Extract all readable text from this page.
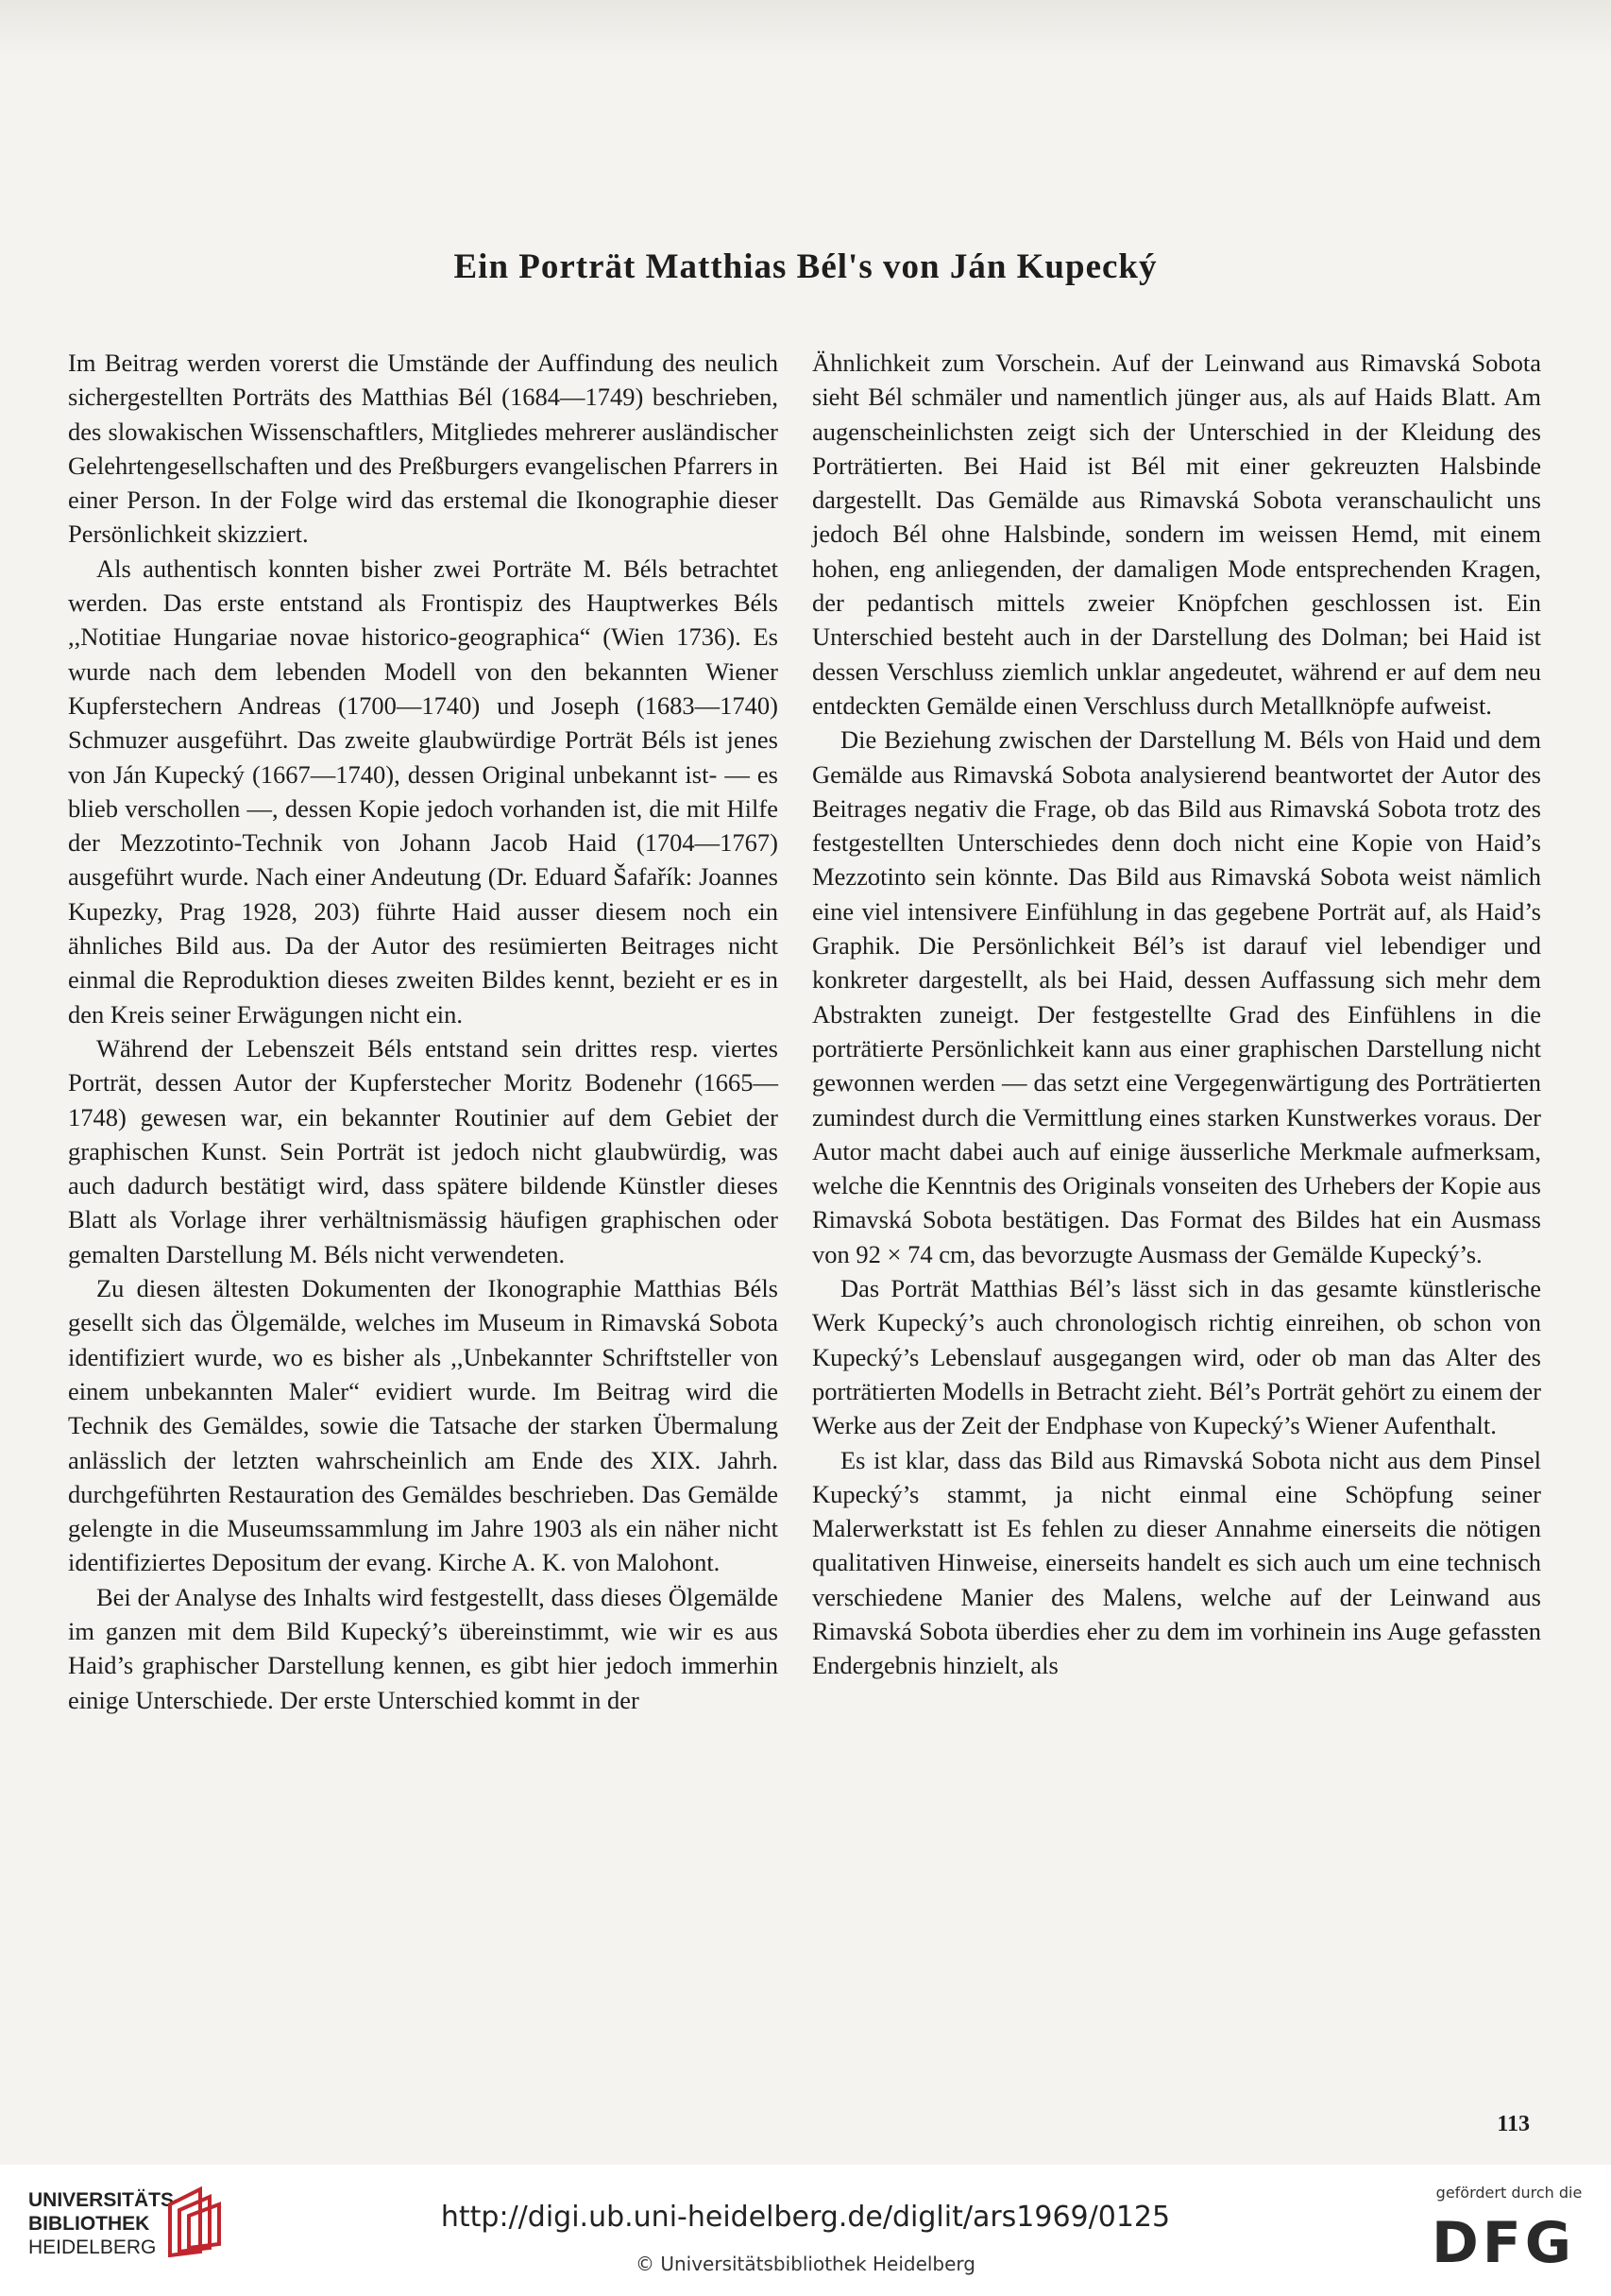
Ein Porträt Matthias Bél's von Ján Kupecký

Im Beitrag werden vorerst die Umstände der Auffindung des neulich sichergestellten Porträts des Matthias Bél (1684—1749) beschrieben, des slowakischen Wissenschaftlers, Mitgliedes mehrerer ausländischer Gelehrtengesellschaften und des Preßburgers evangelischen Pfarrers in einer Person. In der Folge wird das erstemal die Ikonographie dieser Persönlichkeit skizziert.

Als authentisch konnten bisher zwei Porträte M. Béls betrachtet werden. Das erste entstand als Frontispiz des Hauptwerkes Béls ,,Notitiae Hungariae novae historico-geographica“ (Wien 1736). Es wurde nach dem lebenden Modell von den bekannten Wiener Kupferstechern Andreas (1700—1740) und Joseph (1683—1740) Schmuzer ausgeführt. Das zweite glaubwürdige Porträt Béls ist jenes von Ján Kupecký (1667—1740), dessen Original unbekannt ist- — es blieb verschollen —, dessen Kopie jedoch vorhanden ist, die mit Hilfe der Mezzotinto-Technik von Johann Jacob Haid (1704—1767) ausgeführt wurde. Nach einer Andeutung (Dr. Eduard Šafařík: Joannes Kupezky, Prag 1928, 203) führte Haid ausser diesem noch ein ähnliches Bild aus. Da der Autor des resümierten Beitrages nicht einmal die Reproduktion dieses zweiten Bildes kennt, bezieht er es in den Kreis seiner Erwägungen nicht ein.

Während der Lebenszeit Béls entstand sein drittes resp. viertes Porträt, dessen Autor der Kupferstecher Moritz Bodenehr (1665—1748) gewesen war, ein bekannter Routinier auf dem Gebiet der graphischen Kunst. Sein Porträt ist jedoch nicht glaubwürdig, was auch dadurch bestätigt wird, dass spätere bildende Künstler dieses Blatt als Vorlage ihrer verhältnismässig häufigen graphischen oder gemalten Darstellung M. Béls nicht verwendeten.

Zu diesen ältesten Dokumenten der Ikonographie Matthias Béls gesellt sich das Ölgemälde, welches im Museum in Rimavská Sobota identifiziert wurde, wo es bisher als ,,Unbekannter Schriftsteller von einem unbekannten Maler“ evidiert wurde. Im Beitrag wird die Technik des Gemäldes, sowie die Tatsache der starken Übermalung anlässlich der letzten wahrscheinlich am Ende des XIX. Jahrh. durchgeführten Restauration des Gemäldes beschrieben. Das Gemälde gelengte in die Museumssammlung im Jahre 1903 als ein näher nicht identifiziertes Depositum der evang. Kirche A. K. von Malohont.

Bei der Analyse des Inhalts wird festgestellt, dass dieses Ölgemälde im ganzen mit dem Bild Kupecký’s übereinstimmt, wie wir es aus Haid’s graphischer Darstellung kennen, es gibt hier jedoch immerhin einige Unterschiede. Der erste Unterschied kommt in der

Ähnlichkeit zum Vorschein. Auf der Leinwand aus Rimavská Sobota sieht Bél schmäler und namentlich jünger aus, als auf Haids Blatt. Am augenscheinlichsten zeigt sich der Unterschied in der Kleidung des Porträtierten. Bei Haid ist Bél mit einer gekreuzten Halsbinde dargestellt. Das Gemälde aus Rimavská Sobota veranschaulicht uns jedoch Bél ohne Halsbinde, sondern im weissen Hemd, mit einem hohen, eng anliegenden, der damaligen Mode entsprechenden Kragen, der pedantisch mittels zweier Knöpfchen geschlossen ist. Ein Unterschied besteht auch in der Darstellung des Dolman; bei Haid ist dessen Verschluss ziemlich unklar angedeutet, während er auf dem neu entdeckten Gemälde einen Verschluss durch Metallknöpfe aufweist.

Die Beziehung zwischen der Darstellung M. Béls von Haid und dem Gemälde aus Rimavská Sobota analysierend beantwortet der Autor des Beitrages negativ die Frage, ob das Bild aus Rimavská Sobota trotz des festgestellten Unterschiedes denn doch nicht eine Kopie von Haid’s Mezzotinto sein könnte. Das Bild aus Rimavská Sobota weist nämlich eine viel intensivere Einfühlung in das gegebene Porträt auf, als Haid’s Graphik. Die Persönlichkeit Bél’s ist darauf viel lebendiger und konkreter dargestellt, als bei Haid, dessen Auffassung sich mehr dem Abstrakten zuneigt. Der festgestellte Grad des Einfühlens in die porträtierte Persönlichkeit kann aus einer graphischen Darstellung nicht gewonnen werden — das setzt eine Vergegenwärtigung des Porträtierten zumindest durch die Vermittlung eines starken Kunstwerkes voraus. Der Autor macht dabei auch auf einige äusserliche Merkmale aufmerksam, welche die Kenntnis des Originals vonseiten des Urhebers der Kopie aus Rimavská Sobota bestätigen. Das Format des Bildes hat ein Ausmass von 92 × 74 cm, das bevorzugte Ausmass der Gemälde Kupecký’s.

Das Porträt Matthias Bél’s lässt sich in das gesamte künstlerische Werk Kupecký’s auch chronologisch richtig einreihen, ob schon von Kupecký’s Lebenslauf ausgegangen wird, oder ob man das Alter des porträtierten Modells in Betracht zieht. Bél’s Porträt gehört zu einem der Werke aus der Zeit der Endphase von Kupecký’s Wiener Aufenthalt.

Es ist klar, dass das Bild aus Rimavská Sobota nicht aus dem Pinsel Kupecký’s stammt, ja nicht einmal eine Schöpfung seiner Malerwerkstatt ist Es fehlen zu dieser Annahme einerseits die nötigen qualitativen Hinweise, einerseits handelt es sich auch um eine technisch verschiedene Manier des Malens, welche auf der Leinwand aus Rimavská Sobota überdies eher zu dem im vorhinein ins Auge gefassten Endergebnis hinzielt, als

113
UNIVERSITÄTS-
BIBLIOTHEK
HEIDELBERG
http://digi.ub.uni-heidelberg.de/diglit/ars1969/0125
© Universitätsbibliothek Heidelberg
gefördert durch die
DFG
